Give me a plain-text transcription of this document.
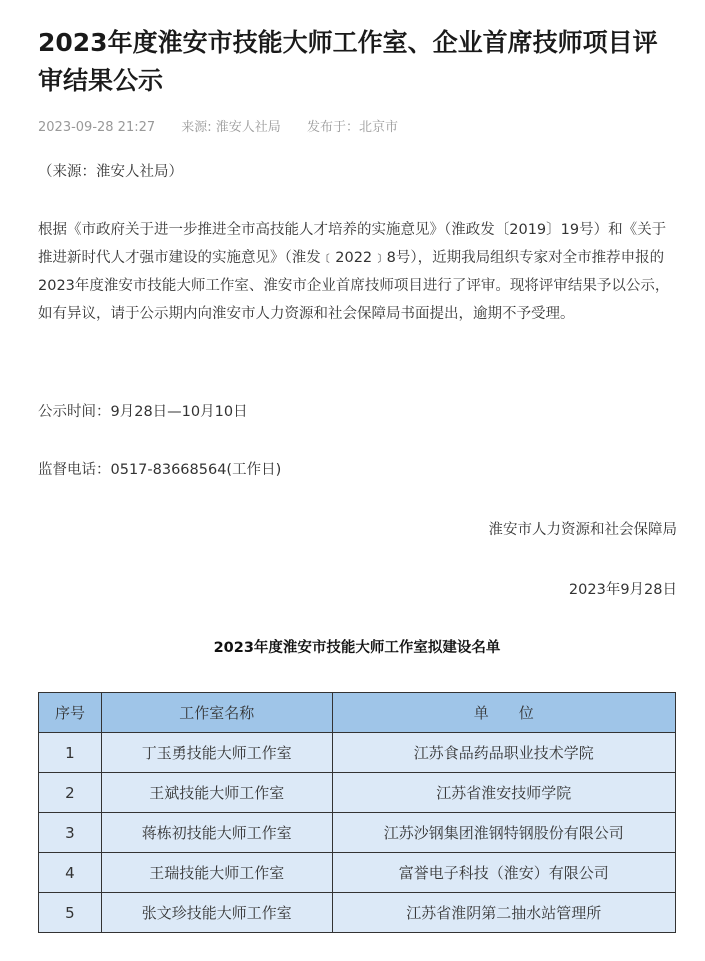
2023年度淮安市技能大师工作室、企业首席技师项目评审结果公示
2023-09-28 21:27 来源: 淮安人社局 发布于：北京市

（来源：淮安人社局）

根据《市政府关于进一步推进全市高技能人才培养的实施意见》（淮政发〔2019〕19号）和《关于推进新时代人才强市建设的实施意见》（淮发﹝2022﹞8号），近期我局组织专家对全市推荐申报的2023年度淮安市技能大师工作室、淮安市企业首席技师项目进行了评审。现将评审结果予以公示，如有异议，请于公示期内向淮安市人力资源和社会保障局书面提出，逾期不予受理。

公示时间：9月28日—10月10日

监督电话：0517-83668564(工作日)

淮安市人力资源和社会保障局
2023年9月28日
2023年度淮安市技能大师工作室拟建设名单
序号	工作室名称	单　　位
1	丁玉勇技能大师工作室	江苏食品药品职业技术学院
2	王斌技能大师工作室	江苏省淮安技师学院
3	蒋栋初技能大师工作室	江苏沙钢集团淮钢特钢股份有限公司
4	王瑞技能大师工作室	富誉电子科技（淮安）有限公司
5	张文珍技能大师工作室	江苏省淮阴第二抽水站管理所
